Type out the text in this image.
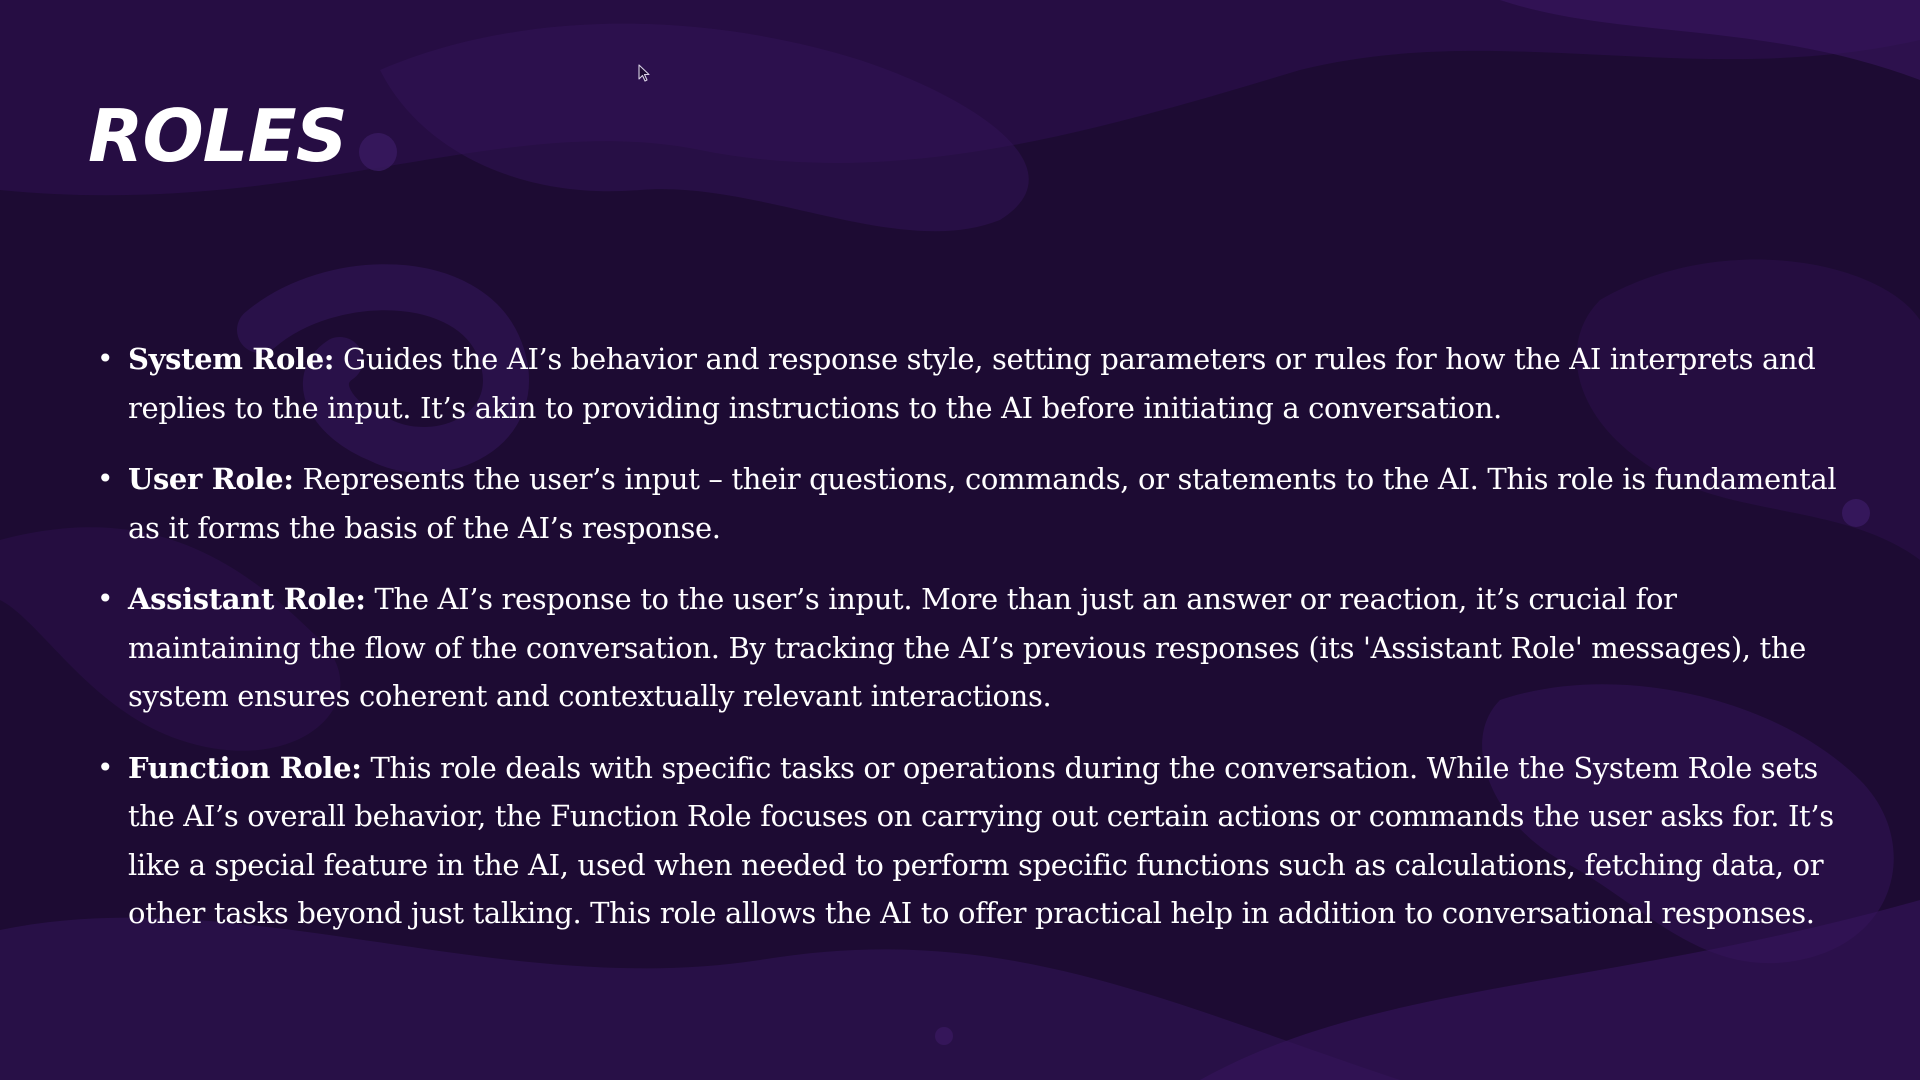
ROLES
• System Role: Guides the AI’s behavior and response style, setting parameters or rules for how the AI interprets and replies to the input. It’s akin to providing instructions to the AI before initiating a conversation.
• User Role: Represents the user’s input – their questions, commands, or statements to the AI. This role is fundamental as it forms the basis of the AI’s response.
• Assistant Role: The AI’s response to the user’s input. More than just an answer or reaction, it’s crucial for maintaining the flow of the conversation. By tracking the AI’s previous responses (its 'Assistant Role' messages), the system ensures coherent and contextually relevant interactions.
• Function Role: This role deals with specific tasks or operations during the conversation. While the System Role sets the AI’s overall behavior, the Function Role focuses on carrying out certain actions or commands the user asks for. It’s like a special feature in the AI, used when needed to perform specific functions such as calculations, fetching data, or other tasks beyond just talking. This role allows the AI to offer practical help in addition to conversational responses.
